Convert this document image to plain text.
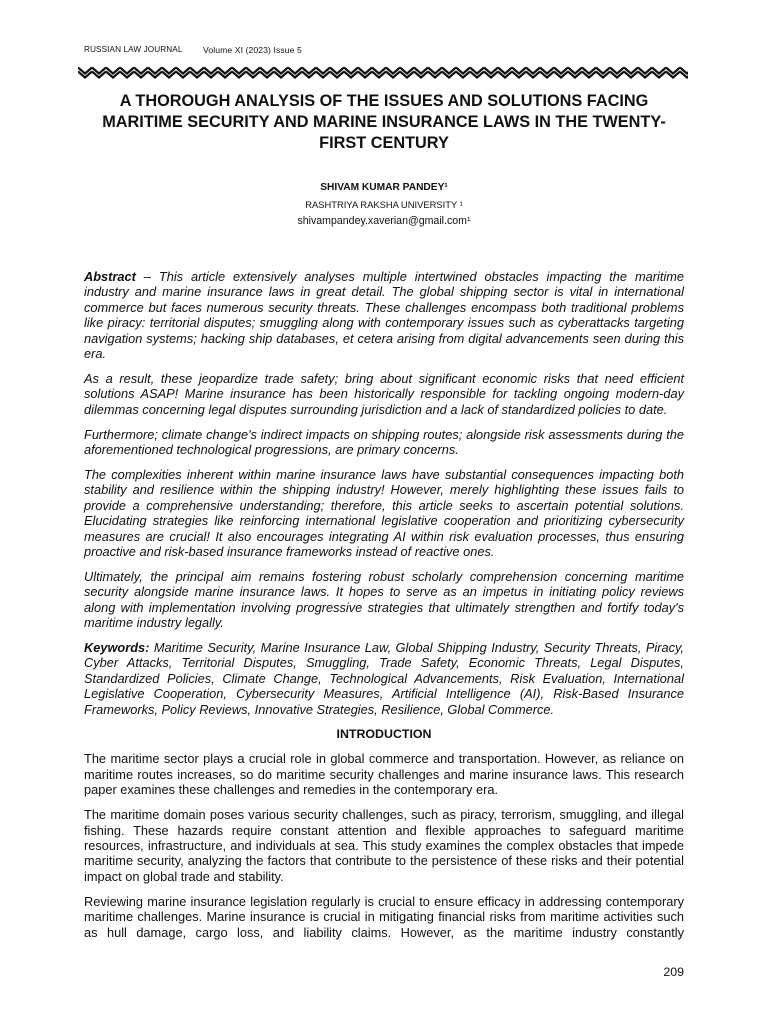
RUSSIAN LAW JOURNAL Volume XI (2023) Issue 5
A THOROUGH ANALYSIS OF THE ISSUES AND SOLUTIONS FACING
MARITIME SECURITY AND MARINE INSURANCE LAWS IN THE TWENTY-
FIRST CENTURY
SHIVAM KUMAR PANDEY¹
RASHTRIYA RAKSHA UNIVERSITY ¹
shivampandey.xaverian@gmail.com¹

Abstract – This article extensively analyses multiple intertwined obstacles impacting the maritime industry and marine insurance laws in great detail. The global shipping sector is vital in international commerce but faces numerous security threats. These challenges encompass both traditional problems like piracy: territorial disputes; smuggling along with contemporary issues such as cyberattacks targeting navigation systems; hacking ship databases, et cetera arising from digital advancements seen during this era.

As a result, these jeopardize trade safety; bring about significant economic risks that need efficient solutions ASAP! Marine insurance has been historically responsible for tackling ongoing modern-day dilemmas concerning legal disputes surrounding jurisdiction and a lack of standardized policies to date.

Furthermore; climate change's indirect impacts on shipping routes; alongside risk assessments during the aforementioned technological progressions, are primary concerns.

The complexities inherent within marine insurance laws have substantial consequences impacting both stability and resilience within the shipping industry! However, merely highlighting these issues fails to provide a comprehensive understanding; therefore, this article seeks to ascertain potential solutions. Elucidating strategies like reinforcing international legislative cooperation and prioritizing cybersecurity measures are crucial! It also encourages integrating AI within risk evaluation processes, thus ensuring proactive and risk-based insurance frameworks instead of reactive ones.

Ultimately, the principal aim remains fostering robust scholarly comprehension concerning maritime security alongside marine insurance laws. It hopes to serve as an impetus in initiating policy reviews along with implementation involving progressive strategies that ultimately strengthen and fortify today's maritime industry legally.

Keywords: Maritime Security, Marine Insurance Law, Global Shipping Industry, Security Threats, Piracy, Cyber Attacks, Territorial Disputes, Smuggling, Trade Safety, Economic Threats, Legal Disputes, Standardized Policies, Climate Change, Technological Advancements, Risk Evaluation, International Legislative Cooperation, Cybersecurity Measures, Artificial Intelligence (AI), Risk-Based Insurance Frameworks, Policy Reviews, Innovative Strategies, Resilience, Global Commerce.

INTRODUCTION

The maritime sector plays a crucial role in global commerce and transportation. However, as reliance on maritime routes increases, so do maritime security challenges and marine insurance laws. This research paper examines these challenges and remedies in the contemporary era.

The maritime domain poses various security challenges, such as piracy, terrorism, smuggling, and illegal fishing. These hazards require constant attention and flexible approaches to safeguard maritime resources, infrastructure, and individuals at sea. This study examines the complex obstacles that impede maritime security, analyzing the factors that contribute to the persistence of these risks and their potential impact on global trade and stability.

Reviewing marine insurance legislation regularly is crucial to ensure efficacy in addressing contemporary maritime challenges. Marine insurance is crucial in mitigating financial risks from maritime activities such as hull damage, cargo loss, and liability claims. However, as the maritime industry constantly

209
